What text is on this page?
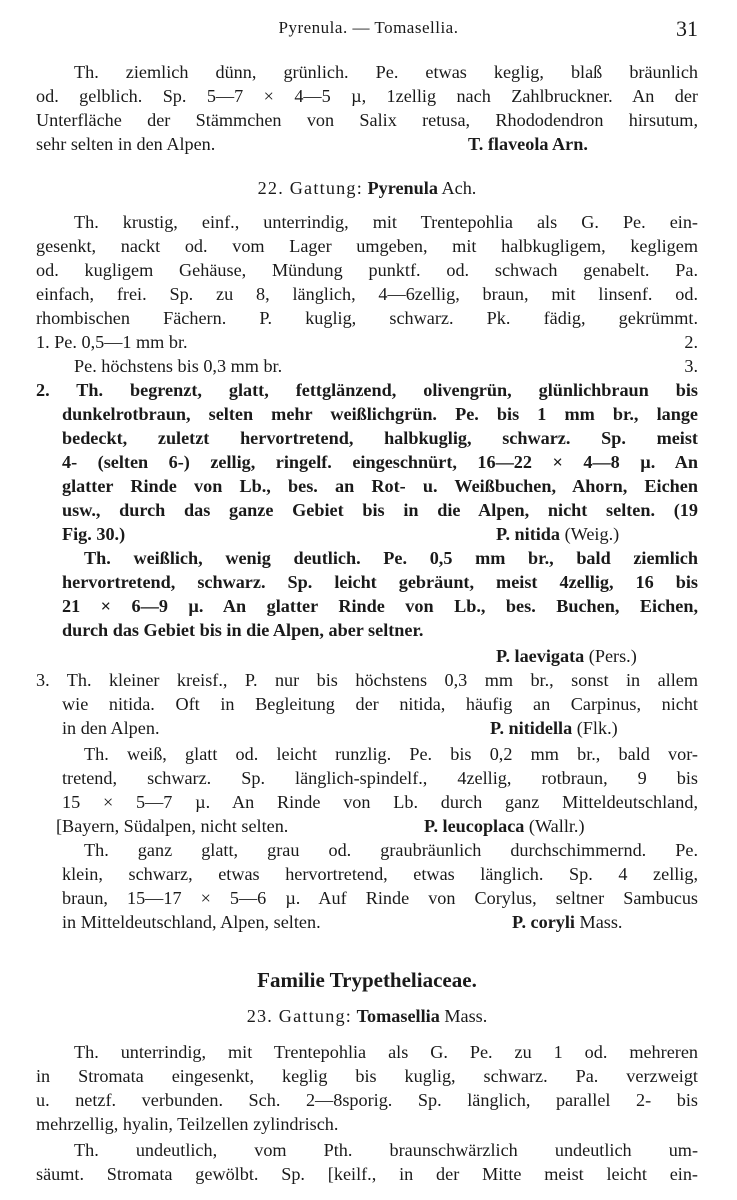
Pyrenula. — Tomasellia.	31
Th. ziemlich dünn, grünlich. Pe. etwas keglig, blaß bräunlich
od. gelblich. Sp. 5—7 × 4—5 µ, 1zellig nach Zahlbruckner. An der
Unterfläche der Stämmchen von Salix retusa, Rhododendron hirsutum,
sehr selten in den Alpen.	T. flaveola Arn.
22. Gattung: Pyrenula Ach.
Th. krustig, einf., unterrindig, mit Trentepohlia als G. Pe. ein-
gesenkt, nackt od. vom Lager umgeben, mit halbkugligem, kegligem
od. kugligem Gehäuse, Mündung punktf. od. schwach genabelt. Pa.
einfach, frei. Sp. zu 8, länglich, 4—6zellig, braun, mit linsenf. od.
rhombischen Fächern. P. kuglig, schwarz. Pk. fädig, gekrümmt.
1. Pe. 0,5—1 mm br.	2.
Pe. höchstens bis 0,3 mm br.	3.
2. Th. begrenzt, glatt, fettglänzend, olivengrün, glünlichbraun bis
dunkelrotbraun, selten mehr weißlichgrün. Pe. bis 1 mm br., lange
bedeckt, zuletzt hervortretend, halbkuglig, schwarz. Sp. meist
4- (selten 6-) zellig, ringelf. eingeschnürt, 16—22 × 4—8 µ. An
glatter Rinde von Lb., bes. an Rot- u. Weißbuchen, Ahorn, Eichen
usw., durch das ganze Gebiet bis in die Alpen, nicht selten. (19
Fig. 30.)	P. nitida (Weig.)
Th. weißlich, wenig deutlich. Pe. 0,5 mm br., bald ziemlich
hervortretend, schwarz. Sp. leicht gebräunt, meist 4zellig, 16 bis
21 × 6—9 µ. An glatter Rinde von Lb., bes. Buchen, Eichen,
durch das Gebiet bis in die Alpen, aber seltner.
P. laevigata (Pers.)
3. Th. kleiner kreisf., P. nur bis höchstens 0,3 mm br., sonst in allem
wie nitida. Oft in Begleitung der nitida, häufig an Carpinus, nicht
in den Alpen.	P. nitidella (Flk.)
Th. weiß, glatt od. leicht runzlig. Pe. bis 0,2 mm br., bald vor-
tretend, schwarz. Sp. länglich-spindelf., 4zellig, rotbraun, 9 bis
15 × 5—7 µ. An Rinde von Lb. durch ganz Mitteldeutschland,
[Bayern, Südalpen, nicht selten.	P. leucoplaca (Wallr.)
Th. ganz glatt, grau od. graubräunlich durchschimmernd. Pe.
klein, schwarz, etwas hervortretend, etwas länglich. Sp. 4 zellig,
braun, 15—17 × 5—6 µ. Auf Rinde von Corylus, seltner Sambucus
in Mitteldeutschland, Alpen, selten.	P. coryli Mass.
Familie Trypetheliaceae.
23. Gattung: Tomasellia Mass.
Th. unterrindig, mit Trentepohlia als G. Pe. zu 1 od. mehreren
in Stromata eingesenkt, keglig bis kuglig, schwarz. Pa. verzweigt
u. netzf. verbunden. Sch. 2—8sporig. Sp. länglich, parallel 2- bis
mehrzellig, hyalin, Teilzellen zylindrisch.
Th. undeutlich, vom Pth. braunschwärzlich undeutlich um-
säumt. Stromata gewölbt. Sp. [keilf., in der Mitte meist leicht ein-
